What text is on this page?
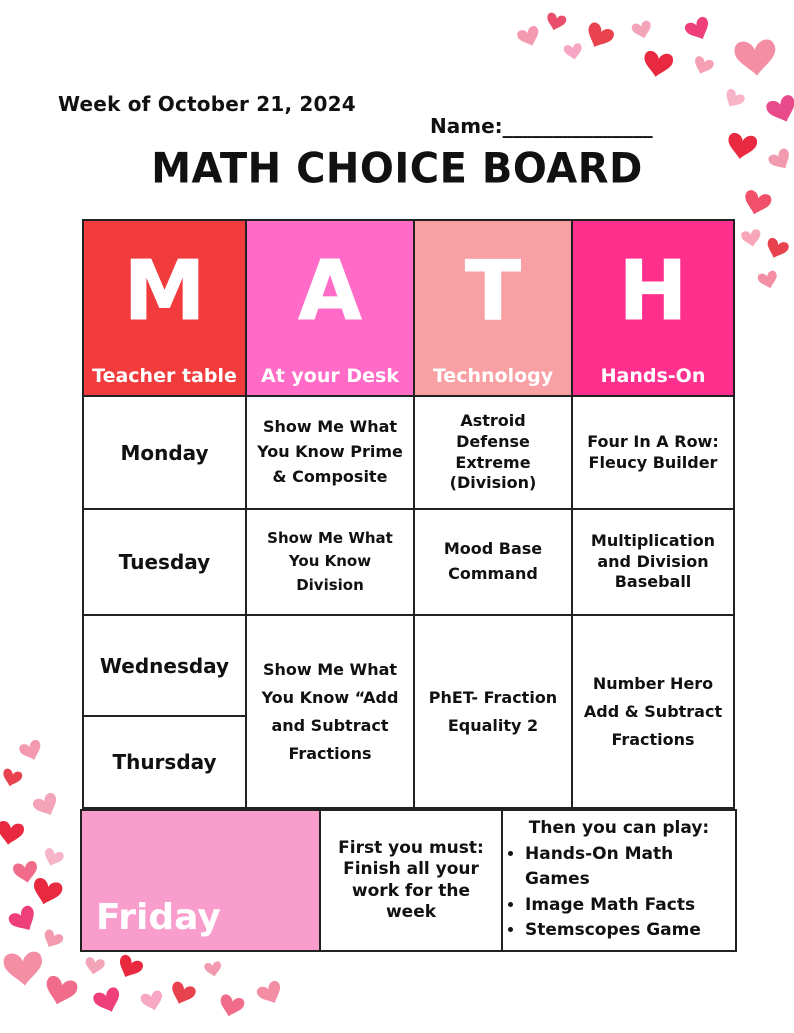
Week of October 21, 2024
Name:_______________
MATH CHOICE BOARD
M
Teacher table
A
At your Desk
T
Technology
H
Hands-On
Monday
Show Me What You Know Prime & Composite
Astroid Defense Extreme (Division)
Four In A Row: Fleucy Builder
Tuesday
Show Me What You Know Division
Mood Base Command
Multiplication and Division Baseball
Wednesday
Thursday
Show Me What You Know “Add and Subtract Fractions
PhET- Fraction Equality 2
Number Hero Add & Subtract Fractions
Friday
First you must: Finish all your work for the week
Then you can play:
• Hands-On Math Games
• Image Math Facts
• Stemscopes Game
